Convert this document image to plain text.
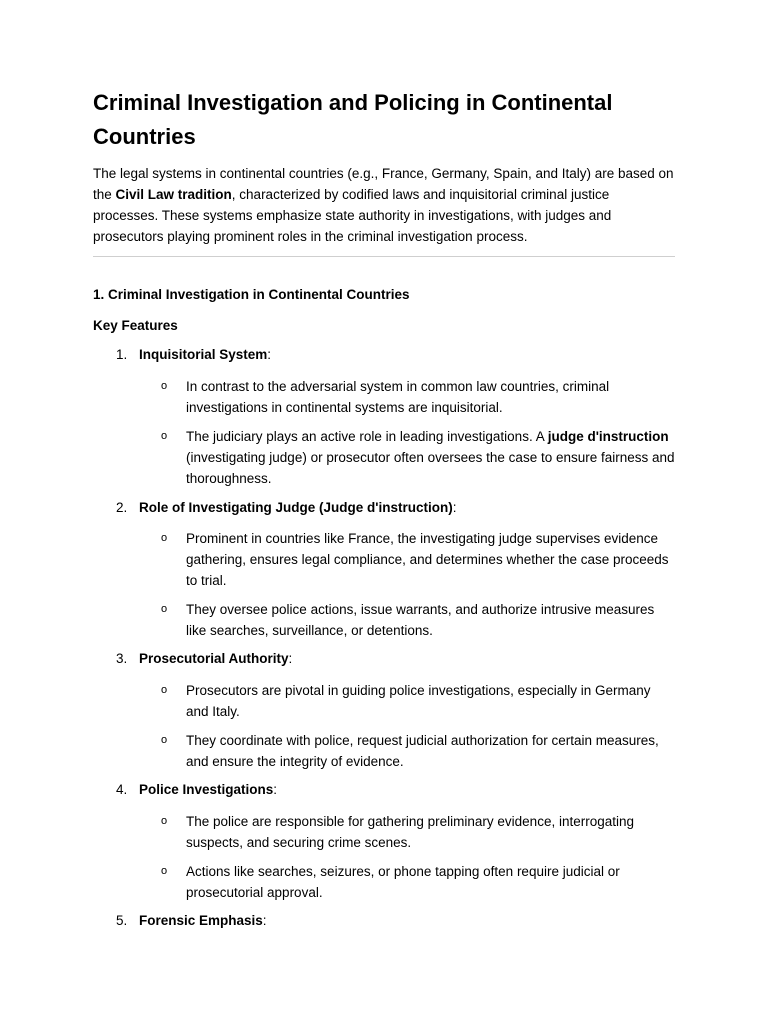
Criminal Investigation and Policing in Continental Countries

The legal systems in continental countries (e.g., France, Germany, Spain, and Italy) are based on the Civil Law tradition, characterized by codified laws and inquisitorial criminal justice processes. These systems emphasize state authority in investigations, with judges and prosecutors playing prominent roles in the criminal investigation process.

1. Criminal Investigation in Continental Countries
Key Features
1. Inquisitorial System:
o In contrast to the adversarial system in common law countries, criminal investigations in continental systems are inquisitorial.
o The judiciary plays an active role in leading investigations. A judge d'instruction (investigating judge) or prosecutor often oversees the case to ensure fairness and thoroughness.
2. Role of Investigating Judge (Judge d'instruction):
o Prominent in countries like France, the investigating judge supervises evidence gathering, ensures legal compliance, and determines whether the case proceeds to trial.
o They oversee police actions, issue warrants, and authorize intrusive measures like searches, surveillance, or detentions.
3. Prosecutorial Authority:
o Prosecutors are pivotal in guiding police investigations, especially in Germany and Italy.
o They coordinate with police, request judicial authorization for certain measures, and ensure the integrity of evidence.
4. Police Investigations:
o The police are responsible for gathering preliminary evidence, interrogating suspects, and securing crime scenes.
o Actions like searches, seizures, or phone tapping often require judicial or prosecutorial approval.
5. Forensic Emphasis:
